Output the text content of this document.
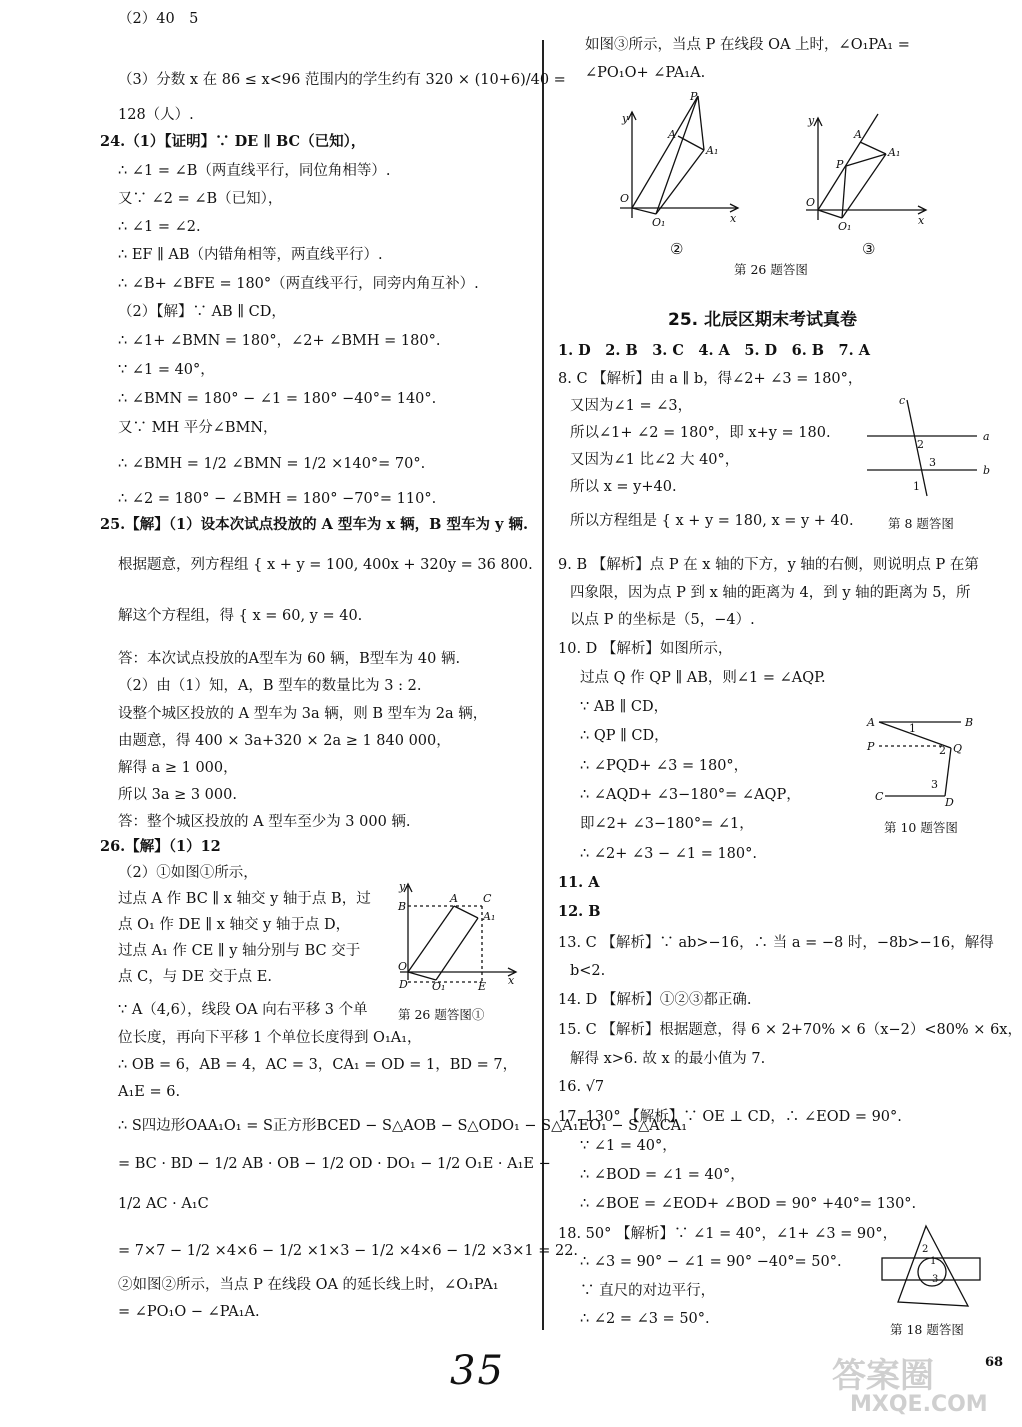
（2）40　5
（3）分数 x 在 86 ≤ x<96 范围内的学生约有 320 × (10+6)/40 =
128（人）.
24.（1）【证明】∵ DE ∥ BC（已知），
∴ ∠1 = ∠B（两直线平行，同位角相等）.
又∵ ∠2 = ∠B（已知），
∴ ∠1 = ∠2.
∴ EF ∥ AB（内错角相等，两直线平行）.
∴ ∠B+ ∠BFE = 180°（两直线平行，同旁内角互补）.
（2）【解】∵ AB ∥ CD，
∴ ∠1+ ∠BMN = 180°，∠2+ ∠BMH = 180°.
∵ ∠1 = 40°，
∴ ∠BMN = 180° − ∠1 = 180° −40°= 140°.
又∵ MH 平分∠BMN，
∴ ∠BMH = 1/2 ∠BMN = 1/2 ×140°= 70°.
∴ ∠2 = 180° − ∠BMH = 180° −70°= 110°.
25.【解】（1）设本次试点投放的 A 型车为 x 辆，B 型车为 y 辆.
根据题意，列方程组 { x + y = 100, 400x + 320y = 36 800.
解这个方程组，得 { x = 60, y = 40.
答：本次试点投放的A型车为 60 辆，B型车为 40 辆.
（2）由（1）知，A，B 型车的数量比为 3 : 2.
设整个城区投放的 A 型车为 3a 辆，则 B 型车为 2a 辆，
由题意，得 400 × 3a+320 × 2a ≥ 1 840 000，
解得 a ≥ 1 000，
所以 3a ≥ 3 000.
答：整个城区投放的 A 型车至少为 3 000 辆.
26.【解】（1）12
（2）①如图①所示，
过点 A 作 BC ∥ x 轴交 y 轴于点 B，过
点 O₁ 作 DE ∥ x 轴交 y 轴于点 D，
过点 A₁ 作 CE ∥ y 轴分别与 BC 交于
点 C，与 DE 交于点 E.
∵ A（4,6），线段 OA 向右平移 3 个单
位长度，再向下平移 1 个单位长度得到 O₁A₁，
∴ OB = 6，AB = 4，AC = 3，CA₁ = OD = 1，BD = 7，
A₁E = 6.
∴ S四边形OAA₁O₁ = S正方形BCED − S△AOB − S△ODO₁ − S△A₁EO₁ − S△ACA₁
= BC · BD − 1/2 AB · OB − 1/2 OD · DO₁ − 1/2 O₁E · A₁E −
1/2 AC · A₁C
= 7×7 − 1/2 ×4×6 − 1/2 ×1×3 − 1/2 ×4×6 − 1/2 ×3×1 = 22.
②如图②所示，当点 P 在线段 OA 的延长线上时，∠O₁PA₁
= ∠PO₁O − ∠PA₁A.
y
B
A C
A₁
O
D O₁	E x
第 26 题答图①
如图③所示，当点 P 在线段 OA 上时，∠O₁PA₁ =
∠PO₁O+ ∠PA₁A.
y
P
A
A₁
O
O₁	x
②
y
A
A₁
P
O
O₁	x
③
第 26 题答图
25. 北辰区期末考试真卷
1. D　2. B　3. C　4. A　5. D　6. B　7. A
8. C 【解析】由 a ∥ b，得∠2+ ∠3 = 180°，
又因为∠1 = ∠3，
所以∠1+ ∠2 = 180°，即 x+y = 180.
又因为∠1 比∠2 大 40°，
所以 x = y+40.
所以方程组是 { x + y = 180, x = y + 40.
c
a
b
2
3
1
第 8 题答图
9. B 【解析】点 P 在 x 轴的下方，y 轴的右侧，则说明点 P 在第
四象限，因为点 P 到 x 轴的距离为 4，到 y 轴的距离为 5，所
以点 P 的坐标是（5，−4）.
10. D 【解析】如图所示，
过点 Q 作 QP ∥ AB，则∠1 = ∠AQP.
∵ AB ∥ CD，
∴ QP ∥ CD，
∴ ∠PQD+ ∠3 = 180°，
∴ ∠AQD+ ∠3−180°= ∠AQP，
即∠2+ ∠3−180°= ∠1，
∴ ∠2+ ∠3 − ∠1 = 180°.
A	B
P	Q
C	D
1
2
3
第 10 题答图
11. A
12. B
13. C 【解析】∵ ab>−16，∴ 当 a = −8 时，−8b>−16，解得
b<2.
14. D 【解析】①②③都正确.
15. C 【解析】根据题意，得 6 × 2+70% × 6（x−2）<80% × 6x，
解得 x>6. 故 x 的最小值为 7.
16. √7
17. 130° 【解析】∵ OE ⊥ CD，∴ ∠EOD = 90°.
∵ ∠1 = 40°，
∴ ∠BOD = ∠1 = 40°，
∴ ∠BOE = ∠EOD+ ∠BOD = 90° +40°= 130°.
18. 50° 【解析】∵ ∠1 = 40°，∠1+ ∠3 = 90°，
∴ ∠3 = 90° − ∠1 = 90° −40°= 50°.
∵ 直尺的对边平行，
∴ ∠2 = ∠3 = 50°.
2
1
3
第 18 题答图
35	68
答案圈
MXQE.COM
